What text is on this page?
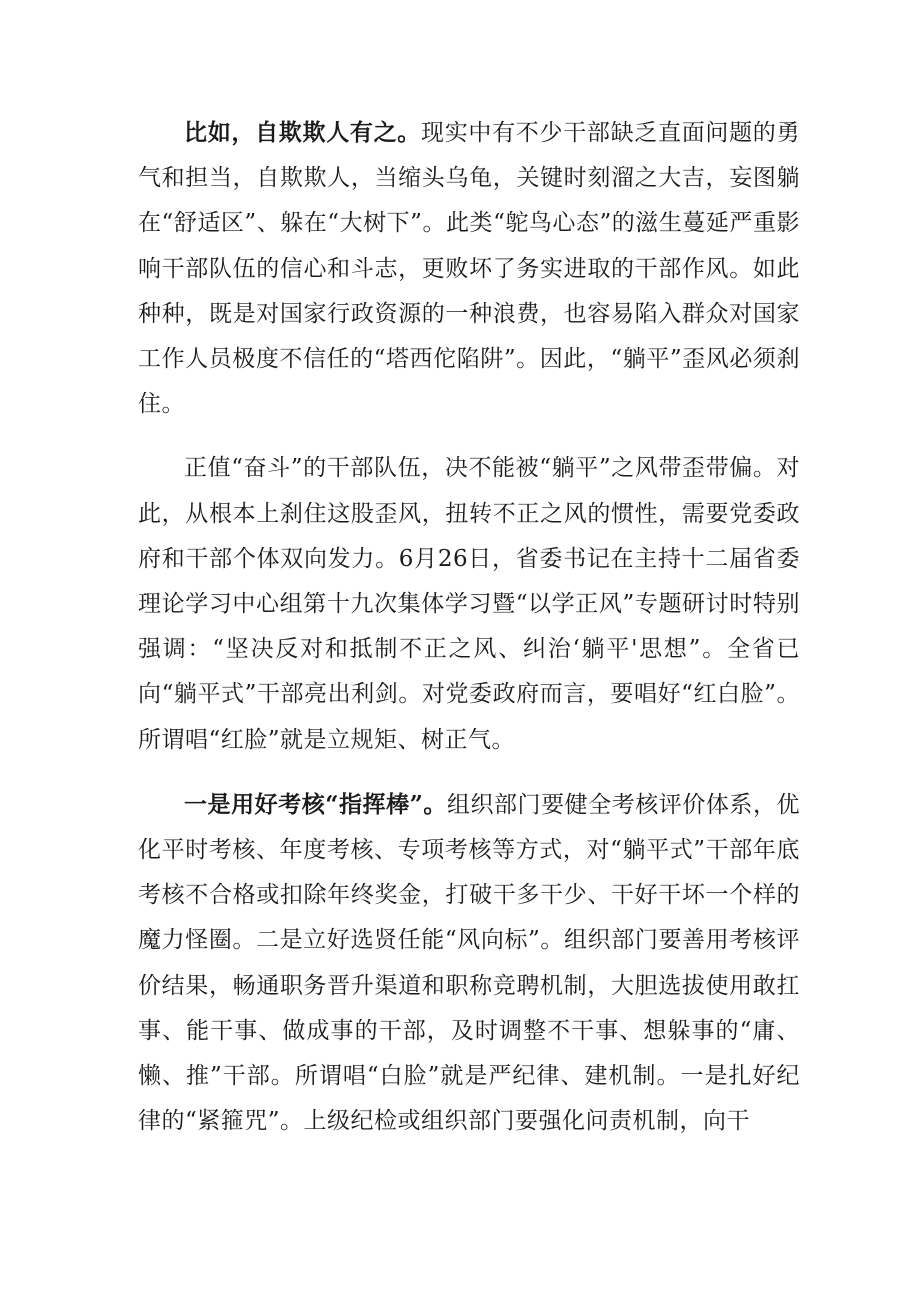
比如，自欺欺人有之。现实中有不少干部缺乏直面问题的勇气和担当，自欺欺人，当缩头乌龟，关键时刻溜之大吉，妄图躺在“舒适区”、躲在“大树下”。此类“鸵鸟心态”的滋生蔓延严重影响干部队伍的信心和斗志，更败坏了务实进取的干部作风。如此种种，既是对国家行政资源的一种浪费，也容易陷入群众对国家工作人员极度不信任的“塔西佗陷阱”。因此，“躺平”歪风必须刹住。

正值“奋斗”的干部队伍，决不能被“躺平”之风带歪带偏。对此，从根本上刹住这股歪风，扭转不正之风的惯性，需要党委政府和干部个体双向发力。6月26日，省委书记在主持十二届省委理论学习中心组第十九次集体学习暨“以学正风”专题研讨时特别强调：“坚决反对和抵制不正之风、纠治‘躺平'思想”。全省已向“躺平式”干部亮出利剑。对党委政府而言，要唱好“红白脸”。所谓唱“红脸”就是立规矩、树正气。

一是用好考核“指挥棒”。组织部门要健全考核评价体系，优化平时考核、年度考核、专项考核等方式，对“躺平式”干部年底考核不合格或扣除年终奖金，打破干多干少、干好干坏一个样的魔力怪圈。二是立好选贤任能“风向标”。组织部门要善用考核评价结果，畅通职务晋升渠道和职称竞聘机制，大胆选拔使用敢扛事、能干事、做成事的干部，及时调整不干事、想躲事的“庸、懒、推”干部。所谓唱“白脸”就是严纪律、建机制。一是扎好纪律的“紧箍咒”。上级纪检或组织部门要强化问责机制，向干
